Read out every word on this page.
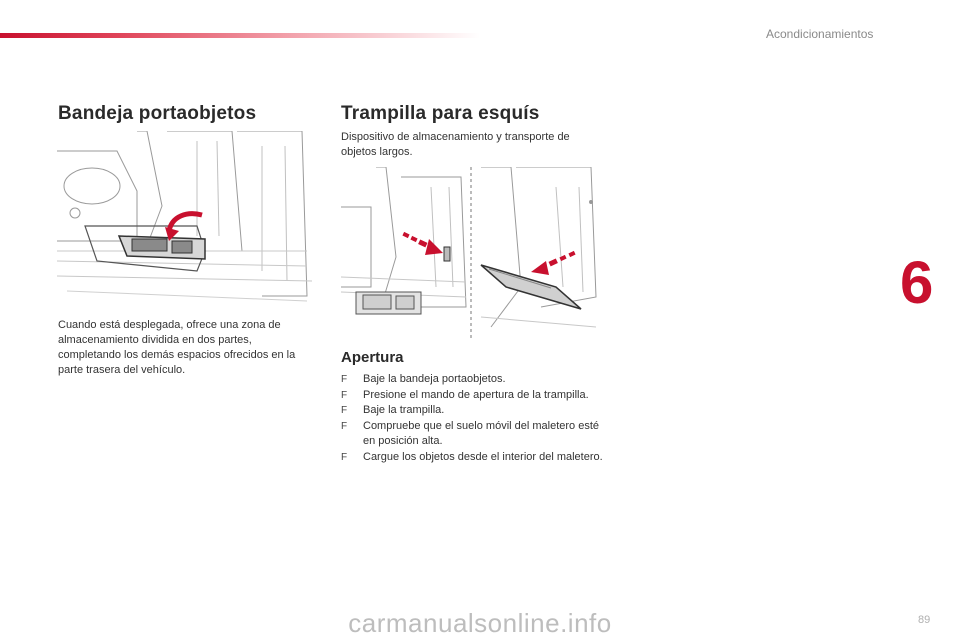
Acondicionamientos
Bandeja portaobjetos
Cuando está desplegada, ofrece una zona de almacenamiento dividida en dos partes, completando los demás espacios ofrecidos en la parte trasera del vehículo.
Trampilla para esquís
Dispositivo de almacenamiento y transporte de objetos largos.
Apertura
F Baje la bandeja portaobjetos.
F Presione el mando de apertura de la trampilla.
F Baje la trampilla.
F Compruebe que el suelo móvil del maletero esté en posición alta.
F Cargue los objetos desde el interior del maletero.
6
89
carmanualsonline.info
